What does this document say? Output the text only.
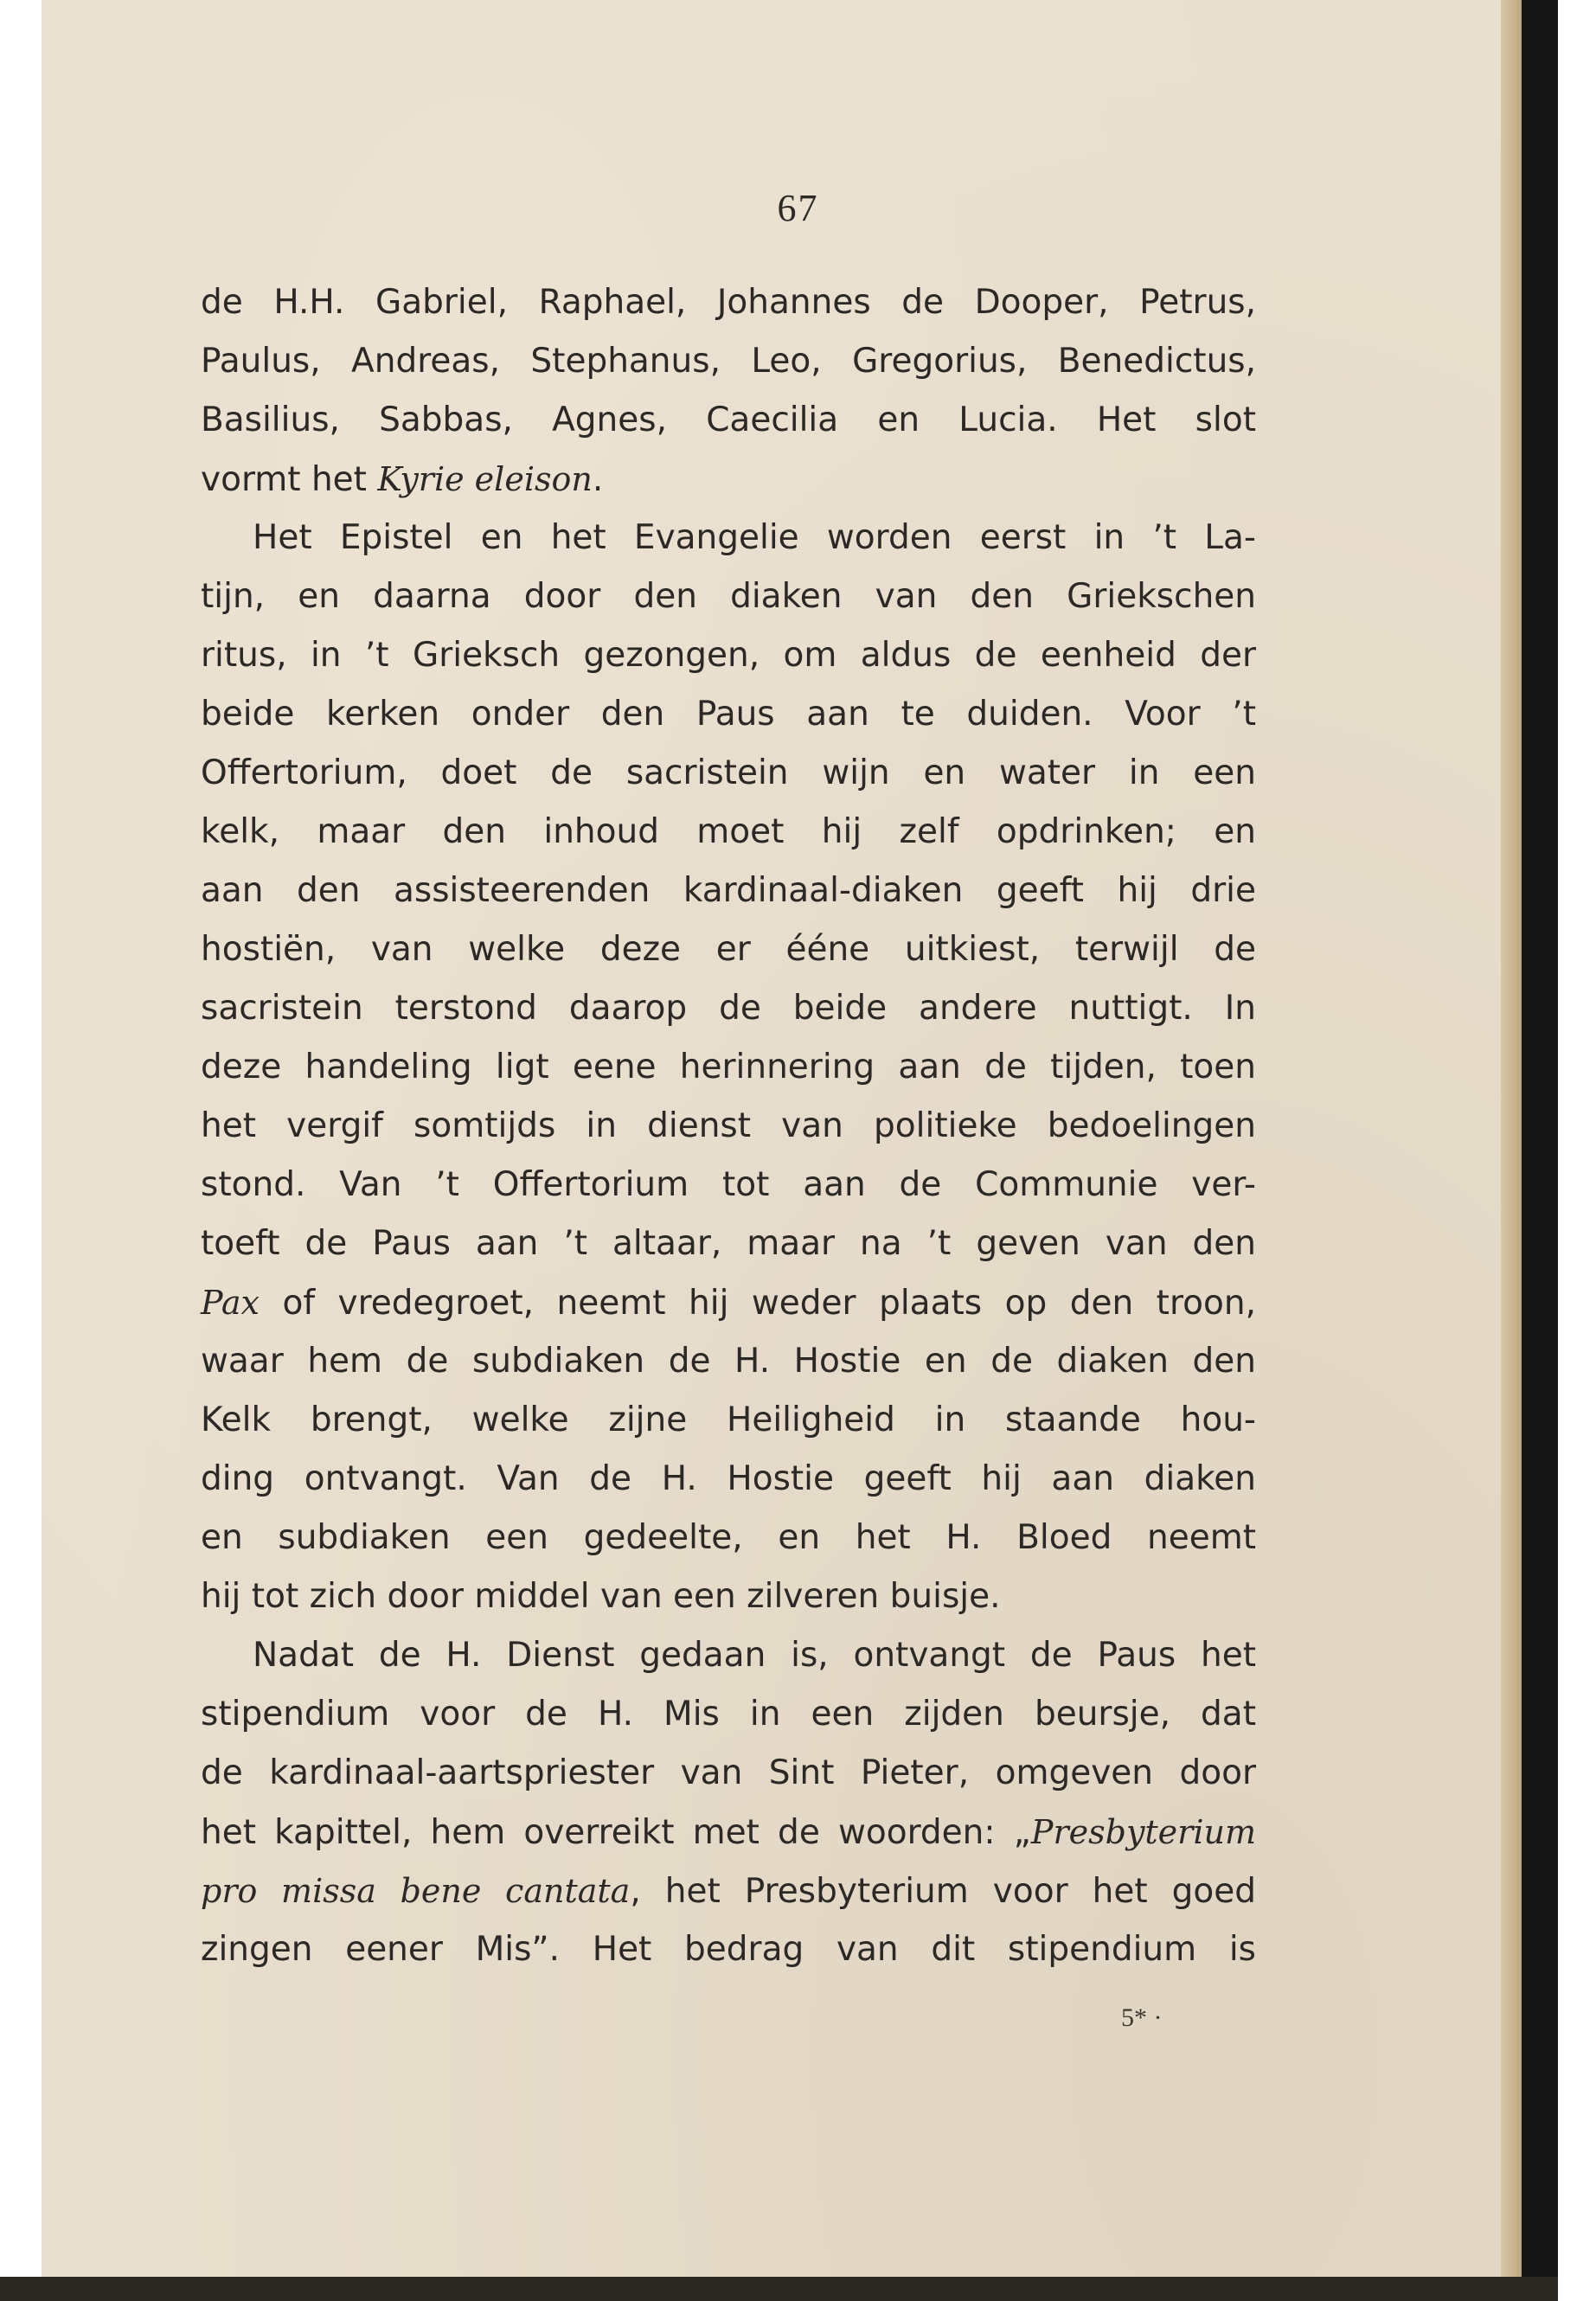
67
de H.H. Gabriel, Raphael, Johannes de Dooper, Petrus,
Paulus, Andreas, Stephanus, Leo, Gregorius, Benedictus,
Basilius, Sabbas, Agnes, Caecilia en Lucia. Het slot
vormt het Kyrie eleison.
Het Epistel en het Evangelie worden eerst in ’t La-
tijn, en daarna door den diaken van den Griekschen
ritus, in ’t Grieksch gezongen, om aldus de eenheid der
beide kerken onder den Paus aan te duiden. Voor ’t
Offertorium, doet de sacristein wijn en water in een
kelk, maar den inhoud moet hij zelf opdrinken; en
aan den assisteerenden kardinaal-diaken geeft hij drie
hostiën, van welke deze er ééne uitkiest, terwijl de
sacristein terstond daarop de beide andere nuttigt. In
deze handeling ligt eene herinnering aan de tijden, toen
het vergif somtijds in dienst van politieke bedoelingen
stond. Van ’t Offertorium tot aan de Communie ver-
toeft de Paus aan ’t altaar, maar na ’t geven van den
Pax of vredegroet, neemt hij weder plaats op den troon,
waar hem de subdiaken de H. Hostie en de diaken den
Kelk brengt, welke zijne Heiligheid in staande hou-
ding ontvangt. Van de H. Hostie geeft hij aan diaken
en subdiaken een gedeelte, en het H. Bloed neemt
hij tot zich door middel van een zilveren buisje.
Nadat de H. Dienst gedaan is, ontvangt de Paus het
stipendium voor de H. Mis in een zijden beursje, dat
de kardinaal-aartspriester van Sint Pieter, omgeven door
het kapittel, hem overreikt met de woorden: „Presbyterium
pro missa bene cantata, het Presbyterium voor het goed
zingen eener Mis”. Het bedrag van dit stipendium is

5* ·
